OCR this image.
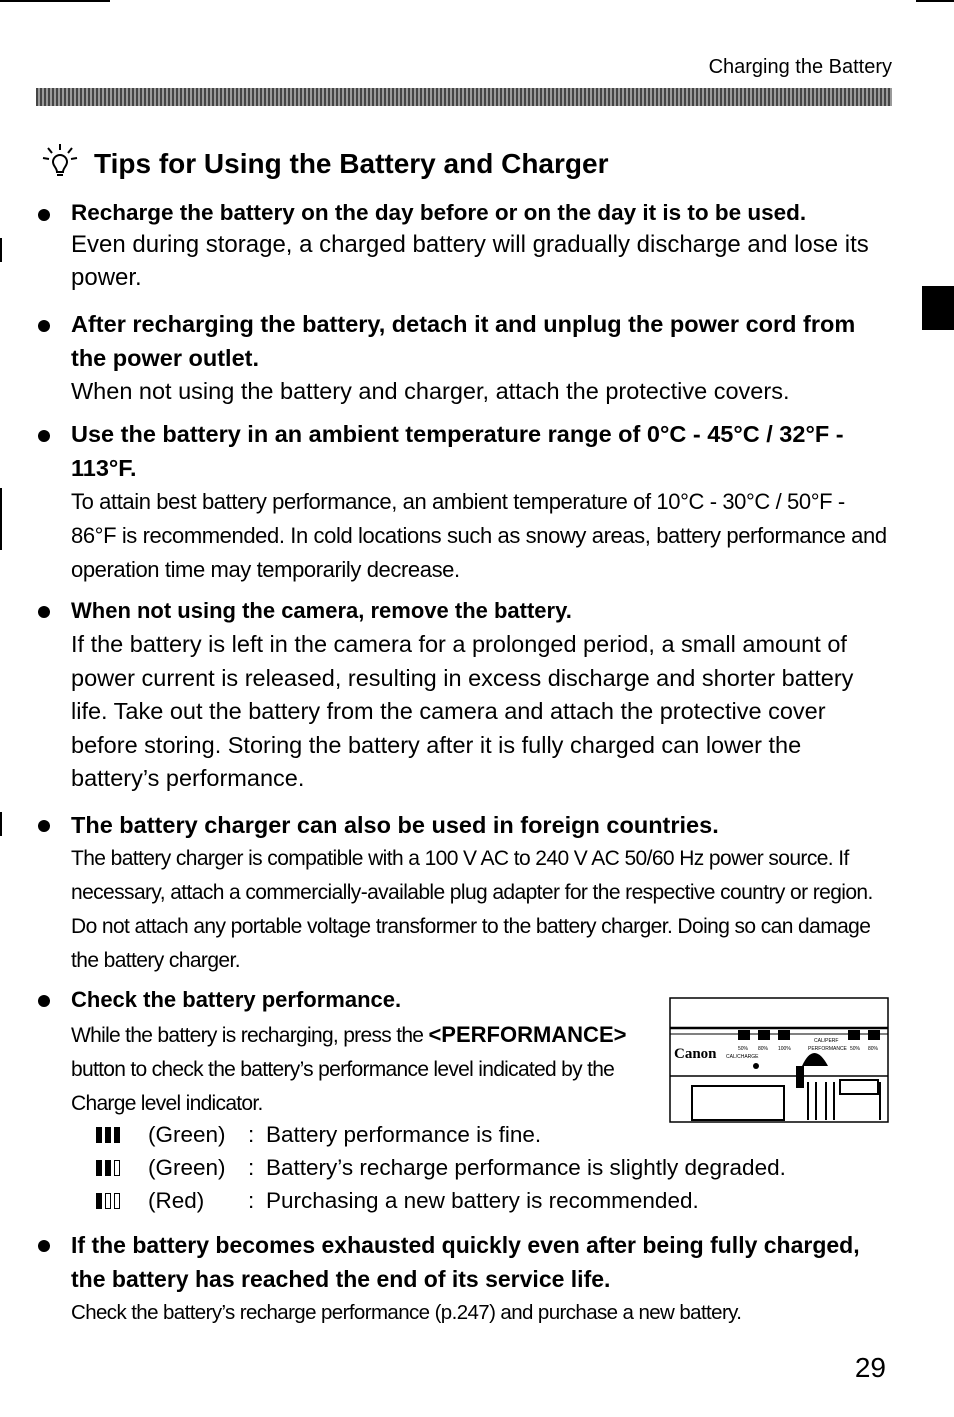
Charging the Battery
Tips for Using the Battery and Charger
Recharge the battery on the day before or on the day it is to be used.
Even during storage, a charged battery will gradually discharge and lose its power.
After recharging the battery, detach it and unplug the power cord from the power outlet.
When not using the battery and charger, attach the protective covers.
Use the battery in an ambient temperature range of 0°C - 45°C / 32°F - 113°F.
To attain best battery performance, an ambient temperature of 10°C - 30°C / 50°F - 86°F is recommended. In cold locations such as snowy areas, battery performance and operation time may temporarily decrease.
When not using the camera, remove the battery.
If the battery is left in the camera for a prolonged period, a small amount of power current is released, resulting in excess discharge and shorter battery life. Take out the battery from the camera and attach the protective cover before storing. Storing the battery after it is fully charged can lower the battery’s performance.
The battery charger can also be used in foreign countries.
The battery charger is compatible with a 100 V AC to 240 V AC 50/60 Hz power source. If necessary, attach a commercially-available plug adapter for the respective country or region. Do not attach any portable voltage transformer to the battery charger. Doing so can damage the battery charger.
Check the battery performance.
While the battery is recharging, press the <PERFORMANCE> button to check the battery’s performance level indicated by the Charge level indicator.
Canon CAL/CHARGE
50% 80% 100%
CAL/PERF
PERFORMANCE 50% 80%
(Green) : Battery performance is fine.
(Green) : Battery’s recharge performance is slightly degraded.
(Red)	: Purchasing a new battery is recommended.
If the battery becomes exhausted quickly even after being fully charged, the battery has reached the end of its service life.
Check the battery’s recharge performance (p.247) and purchase a new battery.
29
